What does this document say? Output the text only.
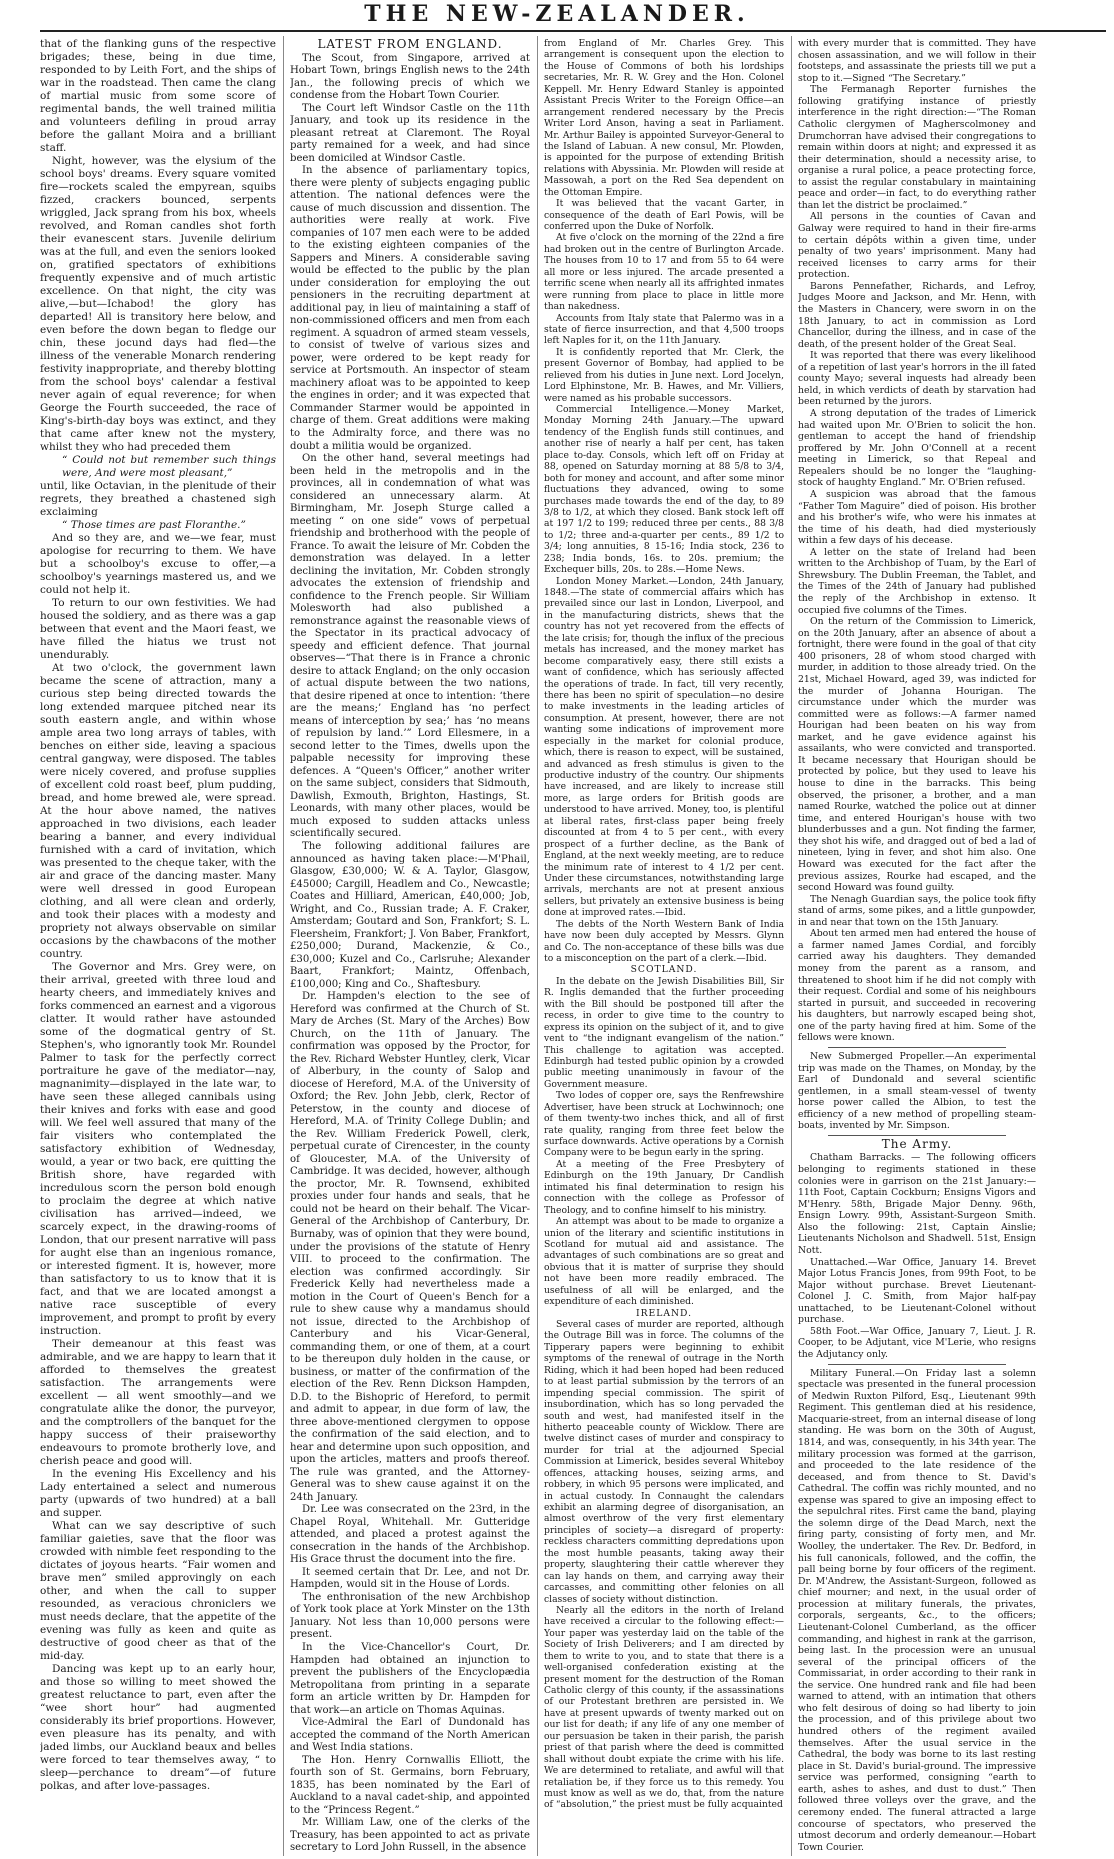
THE NEW-ZEALANDER.

that of the flanking guns of the respective brigades; these, being in due time, responded to by Leith Fort, and the ships of war in the roadstead. Then came the clang of martial music from some score of regimental bands, the well trained militia and volunteers defiling in proud array before the gallant Moira and a brilliant staff.

Night, however, was the elysium of the school boys' dreams. Every square vomited fire—rockets scaled the empyrean, squibs fizzed, crackers bounced, serpents wriggled, Jack sprang from his box, wheels revolved, and Roman candles shot forth their evanescent stars. Juvenile delirium was at the full, and even the seniors looked on, gratified spectators of exhibitions frequently expensive and of much artistic excellence. On that night, the city was alive,—but—Ichabod! the glory has departed! All is transitory here below, and even before the down began to fledge our chin, these jocund days had fled—the illness of the venerable Monarch rendering festivity inappropriate, and thereby blotting from the school boys' calendar a festival never again of equal reverence; for when George the Fourth succeeded, the race of King's-birth-day boys was extinct, and they that came after knew not the mystery, whilst they who had preceded them

“ Could not but remember such things were, And were most pleasant,”

until, like Octavian, in the plenitude of their regrets, they breathed a chastened sigh exclaiming

“ Those times are past Floranthe.”

And so they are, and we—we fear, must apologise for recurring to them. We have but a schoolboy's excuse to offer,—a schoolboy's yearnings mastered us, and we could not help it.

To return to our own festivities. We had housed the soldiery, and as there was a gap between that event and the Maori feast, we have filled the hiatus we trust not unendurably.

At two o'clock, the government lawn became the scene of attraction, many a curious step being directed towards the long extended marquee pitched near its south eastern angle, and within whose ample area two long arrays of tables, with benches on either side, leaving a spacious central gangway, were disposed. The tables were nicely covered, and profuse supplies of excellent cold roast beef, plum pudding, bread, and home brewed ale, were spread. At the hour above named, the natives approached in two divisions, each leader bearing a banner, and every individual furnished with a card of invitation, which was presented to the cheque taker, with the air and grace of the dancing master. Many were well dressed in good European clothing, and all were clean and orderly, and took their places with a modesty and propriety not always observable on similar occasions by the chawbacons of the mother country.

The Governor and Mrs. Grey were, on their arrival, greeted with three loud and hearty cheers, and immediately knives and forks commenced an earnest and a vigorous clatter. It would rather have astounded some of the dogmatical gentry of St. Stephen's, who ignorantly took Mr. Roundel Palmer to task for the perfectly correct portraiture he gave of the mediator—nay, magnanimity—displayed in the late war, to have seen these alleged cannibals using their knives and forks with ease and good will. We feel well assured that many of the fair visiters who contemplated the satisfactory exhibition of Wednesday, would, a year or two back, ere quitting the British shore, have regarded with incredulous scorn the person bold enough to proclaim the degree at which native civilisation has arrived—indeed, we scarcely expect, in the drawing-rooms of London, that our present narrative will pass for aught else than an ingenious romance, or interested figment. It is, however, more than satisfactory to us to know that it is fact, and that we are located amongst a native race susceptible of every improvement, and prompt to profit by every instruction.

Their demeanour at this feast was admirable, and we are happy to learn that it afforded to themselves the greatest satisfaction. The arrangements were excellent — all went smoothly—and we congratulate alike the donor, the purveyor, and the comptrollers of the banquet for the happy success of their praiseworthy endeavours to promote brotherly love, and cherish peace and good will.

In the evening His Excellency and his Lady entertained a select and numerous party (upwards of two hundred) at a ball and supper.

What can we say descriptive of such familiar gaieties, save that the floor was crowded with nimble feet responding to the dictates of joyous hearts. “Fair women and brave men” smiled approvingly on each other, and when the call to supper resounded, as veracious chroniclers we must needs declare, that the appetite of the evening was fully as keen and quite as destructive of good cheer as that of the mid-day.

Dancing was kept up to an early hour, and those so willing to meet showed the greatest reluctance to part, even after the “wee short hour” had augmented considerably its brief proportions. However, even pleasure has its penalty, and with jaded limbs, our Auckland beaux and belles were forced to tear themselves away, “ to sleep—perchance to dream”—of future polkas, and after love-passages.

LATEST FROM ENGLAND.

The Scout, from Singapore, arrived at Hobart Town, brings English news to the 24th Jan., the following precis of which we condense from the Hobart Town Courier.

The Court left Windsor Castle on the 11th January, and took up its residence in the pleasant retreat at Claremont. The Royal party remained for a week, and had since been domiciled at Windsor Castle.

In the absence of parliamentary topics, there were plenty of subjects engaging public attention. The national defences were the cause of much discussion and dissention. The authorities were really at work. Five companies of 107 men each were to be added to the existing eighteen companies of the Sappers and Miners. A considerable saving would be effected to the public by the plan under consideration for employing the out pensioners in the recruiting department at additional pay, in lieu of maintaining a staff of non-commissioned officers and men from each regiment. A squadron of armed steam vessels, to consist of twelve of various sizes and power, were ordered to be kept ready for service at Portsmouth. An inspector of steam machinery afloat was to be appointed to keep the engines in order; and it was expected that Commander Starmer would be appointed in charge of them. Great additions were making to the Admiralty force, and there was no doubt a militia would be organized.

On the other hand, several meetings had been held in the metropolis and in the provinces, all in condemnation of what was considered an unnecessary alarm. At Birmingham, Mr. Joseph Sturge called a meeting “ on one side” vows of perpetual friendship and brotherhood with the people of France. To await the leisure of Mr. Cobden the demonstration was delayed. In a letter declining the invitation, Mr. Cobden strongly advocates the extension of friendship and confidence to the French people. Sir William Molesworth had also published a remonstrance against the reasonable views of the Spectator in its practical advocacy of speedy and efficient defence. That journal observes—“That there is in France a chronic desire to attack England; on the only occasion of actual dispute between the two nations, that desire ripened at once to intention: ‘there are the means;’ England has ‘no perfect means of interception by sea;’ has ‘no means of repulsion by land.’” Lord Ellesmere, in a second letter to the Times, dwells upon the palpable necessity for improving these defences. A “Queen's Officer,” another writer on the same subject, considers that Sidmouth, Dawlish, Exmouth, Brighton, Hastings, St. Leonards, with many other places, would be much exposed to sudden attacks unless scientifically secured.

The following additional failures are announced as having taken place:—M'Phail, Glasgow, £30,000; W. & A. Taylor, Glasgow, £45000; Cargill, Headlem and Co., Newcastle; Coates and Hilliard, American, £40,000; Job, Wright, and Co., Russian trade; A. F. Craker, Amsterdam; Goutard and Son, Frankfort; S. L. Fleersheim, Frankfort; J. Von Baber, Frankfort, £250,000; Durand, Mackenzie, & Co., £30,000; Kuzel and Co., Carlsruhe; Alexander Baart, Frankfort; Maintz, Offenbach, £100,000; King and Co., Shaftesbury.

Dr. Hampden's election to the see of Hereford was confirmed at the Church of St. Mary de Arches (St. Mary of the Arches) Bow Church, on the 11th of January. The confirmation was opposed by the Proctor, for the Rev. Richard Webster Huntley, clerk, Vicar of Alberbury, in the county of Salop and diocese of Hereford, M.A. of the University of Oxford; the Rev. John Jebb, clerk, Rector of Peterstow, in the county and diocese of Hereford, M.A. of Trinity College Dublin; and the Rev. William Frederick Powell, clerk, perpetual curate of Cirencester, in the county of Gloucester, M.A. of the University of Cambridge. It was decided, however, although the proctor, Mr. R. Townsend, exhibited proxies under four hands and seals, that he could not be heard on their behalf. The Vicar-General of the Archbishop of Canterbury, Dr. Burnaby, was of opinion that they were bound, under the provisions of the statute of Henry VIII. to proceed to the confirmation. The election was confirmed accordingly. Sir Frederick Kelly had nevertheless made a motion in the Court of Queen's Bench for a rule to shew cause why a mandamus should not issue, directed to the Archbishop of Canterbury and his Vicar-General, commanding them, or one of them, at a court to be thereupon duly holden in the cause, or business, or matter of the confirmation of the election of the Rev. Renn Dickson Hampden, D.D. to the Bishopric of Hereford, to permit and admit to appear, in due form of law, the three above-mentioned clergymen to oppose the confirmation of the said election, and to hear and determine upon such opposition, and upon the articles, matters and proofs thereof. The rule was granted, and the Attorney-General was to shew cause against it on the 24th January.

Dr. Lee was consecrated on the 23rd, in the Chapel Royal, Whitehall. Mr. Gutteridge attended, and placed a protest against the consecration in the hands of the Archbishop. His Grace thrust the document into the fire.

It seemed certain that Dr. Lee, and not Dr. Hampden, would sit in the House of Lords.

The enthronisation of the new Archbishop of York took place at York Minster on the 13th January. Not less than 10,000 persons were present.

In the Vice-Chancellor's Court, Dr. Hampden had obtained an injunction to prevent the publishers of the Encyclopædia Metropolitana from printing in a separate form an article written by Dr. Hampden for that work—an article on Thomas Aquinas.

Vice-Admiral the Earl of Dundonald has accepted the command of the North American and West India stations.

The Hon. Henry Cornwallis Elliott, the fourth son of St. Germains, born February, 1835, has been nominated by the Earl of Auckland to a naval cadet-ship, and appointed to the “Princess Regent.”

Mr. William Law, one of the clerks of the Treasury, has been appointed to act as private secretary to Lord John Russell, in the absence

from England of Mr. Charles Grey. This arrangement is consequent upon the election to the House of Commons of both his lordships secretaries, Mr. R. W. Grey and the Hon. Colonel Keppell. Mr. Henry Edward Stanley is appointed Assistant Precis Writer to the Foreign Office—an arrangement rendered necessary by the Precis Writer Lord Anson, having a seat in Parliament. Mr. Arthur Bailey is appointed Surveyor-General to the Island of Labuan. A new consul, Mr. Plowden, is appointed for the purpose of extending British relations with Abyssinia. Mr. Plowden will reside at Massowah, a port on the Red Sea dependent on the Ottoman Empire.

It was believed that the vacant Garter, in consequence of the death of Earl Powis, will be conferred upon the Duke of Norfolk.

At five o'clock on the morning of the 22nd a fire had broken out in the centre of Burlington Arcade. The houses from 10 to 17 and from 55 to 64 were all more or less injured. The arcade presented a terrific scene when nearly all its affrighted inmates were running from place to place in little more than nakedness.

Accounts from Italy state that Palermo was in a state of fierce insurrection, and that 4,500 troops left Naples for it, on the 11th January.

It is confidently reported that Mr. Clerk, the present Governor of Bombay, had applied to be relieved from his duties in June next. Lord Jocelyn, Lord Elphinstone, Mr. B. Hawes, and Mr. Villiers, were named as his probable successors.

Commercial Intelligence.—Money Market, Monday Morning 24th January.—The upward tendency of the English funds still continues, and another rise of nearly a half per cent, has taken place to-day. Consols, which left off on Friday at 88, opened on Saturday morning at 88 5/8 to 3/4, both for money and account, and after some minor fluctuations they advanced, owing to some purchases made towards the end of the day, to 89 3/8 to 1/2, at which they closed. Bank stock left off at 197 1/2 to 199; reduced three per cents., 88 3/8 to 1/2; three and-a-quarter per cents., 89 1/2 to 3/4; long annuities, 8 15-16; India stock, 236 to 238; India bonds, 16s. to 20s. premium; the Exchequer bills, 20s. to 28s.—Home News.

London Money Market.—London, 24th January, 1848.—The state of commercial affairs which has prevailed since our last in London, Liverpool, and in the manufacturing districts, shews that the country has not yet recovered from the effects of the late crisis; for, though the influx of the precious metals has increased, and the money market has become comparatively easy, there still exists a want of confidence, which has seriously affected the operations of trade. In fact, till very recently, there has been no spirit of speculation—no desire to make investments in the leading articles of consumption. At present, however, there are not wanting some indications of improvement more especially in the market for colonial produce, which, there is reason to expect, will be sustained, and advanced as fresh stimulus is given to the productive industry of the country. Our shipments have increased, and are likely to increase still more, as large orders for British goods are understood to have arrived. Money, too, is plentiful at liberal rates, first-class paper being freely discounted at from 4 to 5 per cent., with every prospect of a further decline, as the Bank of England, at the next weekly meeting, are to reduce the minimum rate of interest to 4 1/2 per cent. Under these circumstances, notwithstanding large arrivals, merchants are not at present anxious sellers, but privately an extensive business is being done at improved rates.—Ibid.

The debts of the North Western Bank of India have now been duly accepted by Messrs. Glynn and Co. The non-acceptance of these bills was due to a misconception on the part of a clerk.—Ibid.

SCOTLAND.

In the debate on the Jewish Disabilities Bill, Sir R. Inglis demanded that the further proceeding with the Bill should be postponed till after the recess, in order to give time to the country to express its opinion on the subject of it, and to give vent to “the indignant evangelism of the nation.” This challenge to agitation was accepted. Edinburgh had tested public opinion by a crowded public meeting unanimously in favour of the Government measure.

Two lodes of copper ore, says the Renfrewshire Advertiser, have been struck at Lochwinnoch; one of them twenty-two inches thick, and all of first rate quality, ranging from three feet below the surface downwards. Active operations by a Cornish Company were to be begun early in the spring.

At a meeting of the Free Presbytery of Edinburgh on the 19th January, Dr Candlish intimated his final determination to resign his connection with the college as Professor of Theology, and to confine himself to his ministry.

An attempt was about to be made to organize a union of the literary and scientific institutions in Scotland for mutual aid and assistance. The advantages of such combinations are so great and obvious that it is matter of surprise they should not have been more readily embraced. The usefulness of all will be enlarged, and the expenditure of each diminished.

IRELAND.

Several cases of murder are reported, although the Outrage Bill was in force. The columns of the Tipperary papers were beginning to exhibit symptoms of the renewal of outrage in the North Riding, which it had been hoped had been reduced to at least partial submission by the terrors of an impending special commission. The spirit of insubordination, which has so long pervaded the south and west, had manifested itself in the hitherto peaceable county of Wicklow. There are twelve distinct cases of murder and conspiracy to murder for trial at the adjourned Special Commission at Limerick, besides several Whiteboy offences, attacking houses, seizing arms, and robbery, in which 95 persons were implicated, and in actual custody. In Connaught the calendars exhibit an alarming degree of disorganisation, an almost overthrow of the very first elementary principles of society—a disregard of property: reckless characters committing depredations upon the most humble peasants, taking away their property, slaughtering their cattle wherever they can lay hands on them, and carrying away their carcasses, and committing other felonies on all classes of society without distinction.

Nearly all the editors in the north of Ireland have received a circular to the following effect:—Your paper was yesterday laid on the table of the Society of Irish Deliverers; and I am directed by them to write to you, and to state that there is a well-organised confederation existing at the present moment for the destruction of the Roman Catholic clergy of this county, if the assassinations of our Protestant brethren are persisted in. We have at present upwards of twenty marked out on our list for death; if any life of any one member of our persuasion be taken in their parish, the parish priest of that parish where the deed is committed shall without doubt expiate the crime with his life. We are determined to retaliate, and awful will that retaliation be, if they force us to this remedy. You must know as well as we do, that, from the nature of “absolution,” the priest must be fully acquainted

with every murder that is committed. They have chosen assassination, and we will follow in their footsteps, and assassinate the priests till we put a stop to it.—Signed “The Secretary.”

The Fermanagh Reporter furnishes the following gratifying instance of priestly interference in the right direction:—“The Roman Catholic clergymen of Magherscolmoney and Drumchorran have advised their congregations to remain within doors at night; and expressed it as their determination, should a necessity arise, to organise a rural police, a peace protecting force, to assist the regular constabulary in maintaining peace and order—in fact, to do everything rather than let the district be proclaimed.”

All persons in the counties of Cavan and Galway were required to hand in their fire-arms to certain dépôts within a given time, under penalty of two years' imprisonment. Many had received licenses to carry arms for their protection.

Barons Pennefather, Richards, and Lefroy, Judges Moore and Jackson, and Mr. Henn, with the Masters in Chancery, were sworn in on the 18th January, to act in commission as Lord Chancellor, during the illness, and in case of the death, of the present holder of the Great Seal.

It was reported that there was every likelihood of a repetition of last year's horrors in the ill fated county Mayo; several inquests had already been held, in which verdicts of death by starvation had been returned by the jurors.

A strong deputation of the trades of Limerick had waited upon Mr. O'Brien to solicit the hon. gentleman to accept the hand of friendship proffered by Mr. John O'Connell at a recent meeting in Limerick, so that Repeal and Repealers should be no longer the “laughing-stock of haughty England.” Mr. O'Brien refused.

A suspicion was abroad that the famous “Father Tom Maguire” died of poison. His brother and his brother's wife, who were his inmates at the time of his death, had died mysteriously within a few days of his decease.

A letter on the state of Ireland had been written to the Archbishop of Tuam, by the Earl of Shrewsbury. The Dublin Freeman, the Tablet, and the Times of the 24th of January had published the reply of the Archbishop in extenso. It occupied five columns of the Times.

On the return of the Commission to Limerick, on the 20th January, after an absence of about a fortnight, there were found in the goal of that city 400 prisoners, 28 of whom stood charged with murder, in addition to those already tried. On the 21st, Michael Howard, aged 39, was indicted for the murder of Johanna Hourigan. The circumstance under which the murder was committed were as follows:—A farmer named Hourigan had been beaten on his way from market, and he gave evidence against his assailants, who were convicted and transported. It became necessary that Hourigan should be protected by police, but they used to leave his house to dine in the barracks. This being observed, the prisoner, a brother, and a man named Rourke, watched the police out at dinner time, and entered Hourigan's house with two blunderbusses and a gun. Not finding the farmer, they shot his wife, and dragged out of bed a lad of nineteen, lying in fever, and shot him also. One Howard was executed for the fact after the previous assizes, Rourke had escaped, and the second Howard was found guilty.

The Nenagh Guardian says, the police took fifty stand of arms, some pikes, and a little gunpowder, in and near that town on the 15th January.

About ten armed men had entered the house of a farmer named James Cordial, and forcibly carried away his daughters. They demanded money from the parent as a ransom, and threatened to shoot him if he did not comply with their request. Cordial and some of his neighbours started in pursuit, and succeeded in recovering his daughters, but narrowly escaped being shot, one of the party having fired at him. Some of the fellows were known.

New Submerged Propeller.—An experimental trip was made on the Thames, on Monday, by the Earl of Dundonald and several scientific gentlemen, in a small steam-vessel of twenty horse power called the Albion, to test the efficiency of a new method of propelling steam-boats, invented by Mr. Simpson.

The Army.

Chatham Barracks. — The following officers belonging to regiments stationed in these colonies were in garrison on the 21st January:— 11th Foot, Captain Cockburn; Ensigns Vigors and M'Henry. 58th, Brigade Major Denny. 96th, Ensign Lowry. 99th, Assistant-Surgeon Smith. Also the following: 21st, Captain Ainslie; Lieutenants Nicholson and Shadwell. 51st, Ensign Nott.

Unattached.—War Office, January 14. Brevet Major Lotus Francis Jones, from 99th Foot, to be Major without purchase. Brevet Lieutenant-Colonel J. C. Smith, from Major half-pay unattached, to be Lieutenant-Colonel without purchase.

58th Foot.—War Office, January 7, Lieut. J. R. Cooper, to be Adjutant, vice M'Lerie, who resigns the Adjutancy only.

Military Funeral.—On Friday last a solemn spectacle was presented in the funeral procession of Medwin Ruxton Pilford, Esq., Lieutenant 99th Regiment. This gentleman died at his residence, Macquarie-street, from an internal disease of long standing. He was born on the 30th of August, 1814, and was, consequently, in his 34th year. The military procession was formed at the garrison, and proceeded to the late residence of the deceased, and from thence to St. David's Cathedral. The coffin was richly mounted, and no expense was spared to give an imposing effect to the sepulchral rites. First came the band, playing the solemn dirge of the Dead March, next the firing party, consisting of forty men, and Mr. Woolley, the undertaker. The Rev. Dr. Bedford, in his full canonicals, followed, and the coffin, the pall being borne by four officers of the regiment. Dr. M'Andrew, the Assistant-Surgeon, followed as chief mourner; and next, in the usual order of procession at military funerals, the privates, corporals, sergeants, &c., to the officers; Lieutenant-Colonel Cumberland, as the officer commanding, and highest in rank at the garrison, being last. In the procession were an unusual several of the principal officers of the Commissariat, in order according to their rank in the service. One hundred rank and file had been warned to attend, with an intimation that others who felt desirous of doing so had liberty to join the procession, and of this privilege about two hundred others of the regiment availed themselves. After the usual service in the Cathedral, the body was borne to its last resting place in St. David's burial-ground. The impressive service was performed, consigning “earth to earth, ashes to ashes, and dust to dust.” Then followed three volleys over the grave, and the ceremony ended. The funeral attracted a large concourse of spectators, who preserved the utmost decorum and orderly demeanour.—Hobart Town Courier.
